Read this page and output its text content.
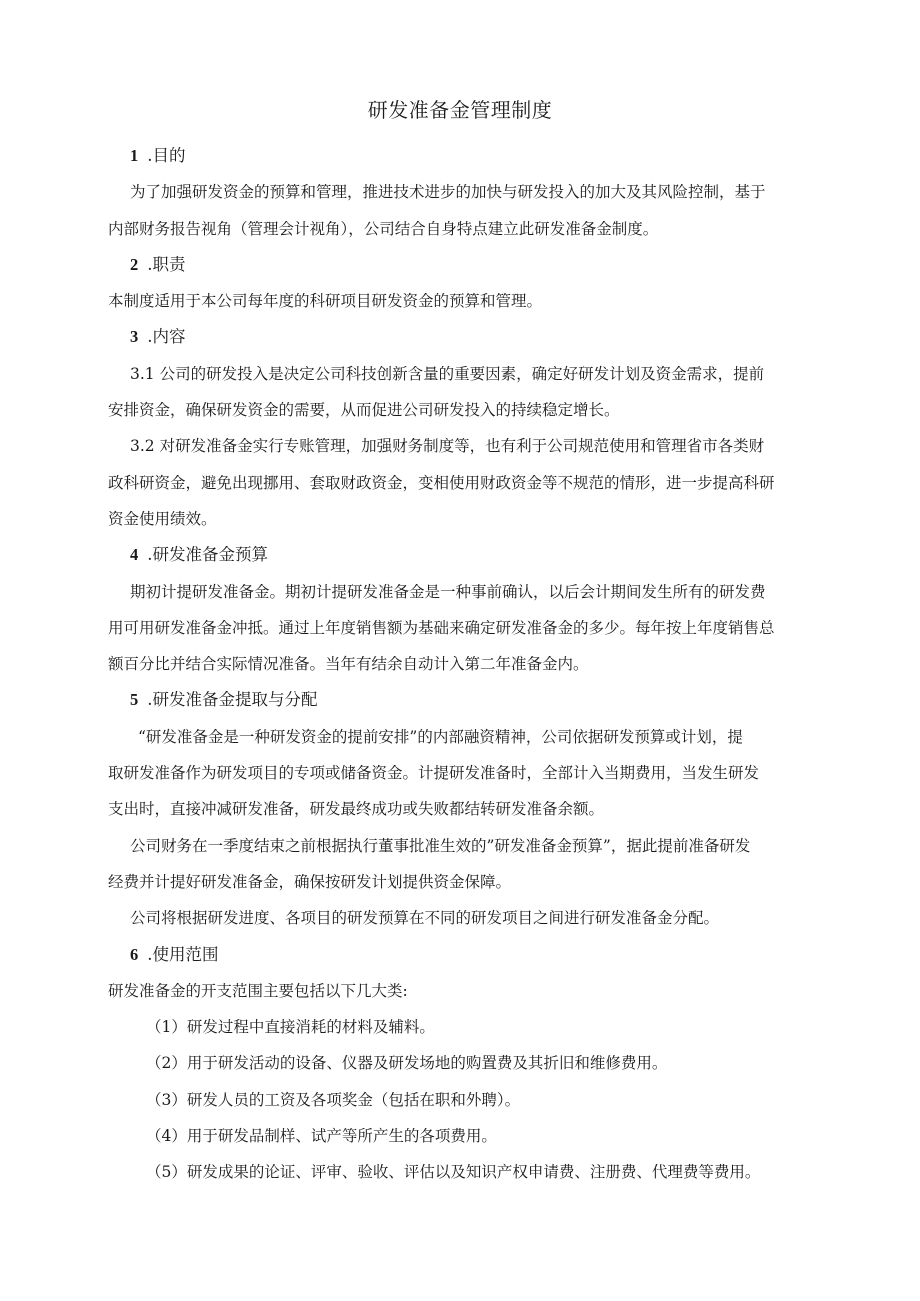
研发准备金管理制度
1 .目的
为了加强研发资金的预算和管理，推进技术进步的加快与研发投入的加大及其风险控制，基于
内部财务报告视角（管理会计视角），公司结合自身特点建立此研发准备金制度。
2 .职责
本制度适用于本公司每年度的科研项目研发资金的预算和管理。
3 .内容
3.1 公司的研发投入是决定公司科技创新含量的重要因素，确定好研发计划及资金需求，提前
安排资金，确保研发资金的需要，从而促进公司研发投入的持续稳定增长。
3.2 对研发准备金实行专账管理，加强财务制度等，也有利于公司规范使用和管理省市各类财
政科研资金，避免出现挪用、套取财政资金，变相使用财政资金等不规范的情形，进一步提高科研
资金使用绩效。
4 .研发准备金预算
期初计提研发准备金。期初计提研发准备金是一种事前确认，以后会计期间发生所有的研发费
用可用研发准备金冲抵。通过上年度销售额为基础来确定研发准备金的多少。每年按上年度销售总
额百分比并结合实际情况准备。当年有结余自动计入第二年准备金内。
5 .研发准备金提取与分配
“研发准备金是一种研发资金的提前安排”的内部融资精神，公司依据研发预算或计划，提
取研发准备作为研发项目的专项或储备资金。计提研发准备时，全部计入当期费用，当发生研发
支出时，直接冲减研发准备，研发最终成功或失败都结转研发准备余额。
公司财务在一季度结束之前根据执行董事批准生效的”研发准备金预算”，据此提前准备研发
经费并计提好研发准备金，确保按研发计划提供资金保障。
公司将根据研发进度、各项目的研发预算在不同的研发项目之间进行研发准备金分配。
6 .使用范围
研发准备金的开支范围主要包括以下几大类:
（1）研发过程中直接消耗的材料及辅料。
（2）用于研发活动的设备、仪器及研发场地的购置费及其折旧和维修费用。
（3）研发人员的工资及各项奖金（包括在职和外聘）。
（4）用于研发品制样、试产等所产生的各项费用。
（5）研发成果的论证、评审、验收、评估以及知识产权申请费、注册费、代理费等费用。
